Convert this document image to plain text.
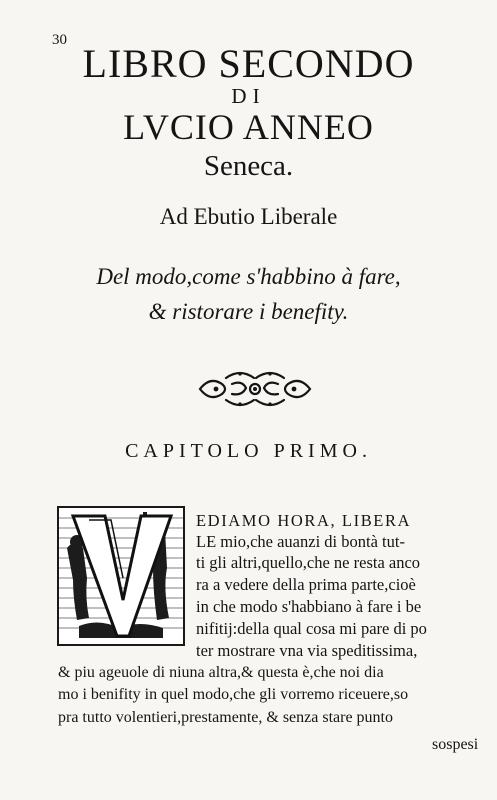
30
LIBRO SECONDO
DI
LVCIO ANNEO
Seneca.
Ad Ebutio Liberale
Del modo,come s'habbino à fare,
& ristorare i benefity.
CAPITOLO PRIMO.
EDIAMO HORA, LIBERA
LE mio,che auanzi di bontà tut-
ti gli altri,quello,che ne resta anco
ra a vedere della prima parte,cioè
in che modo s'habbiano à fare i be
nifitij:della qual cosa mi pare di po
ter mostrare vna via speditissima,
& piu ageuole di niuna altra,& questa è,che noi dia
mo i benifity in quel modo,che gli vorremo riceuere,so
pra tutto volentieri,prestamente, & senza stare punto
sospesi
